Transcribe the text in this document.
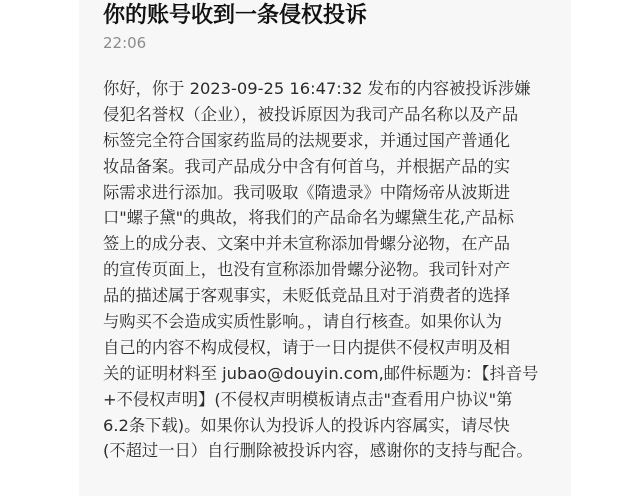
你的账号收到一条侵权投诉
22:06
你好，你于 2023-09-25 16:47:32 发布的内容被投诉涉嫌
侵犯名誉权（企业），被投诉原因为我司产品名称以及产品
标签完全符合国家药监局的法规要求，并通过国产普通化
妆品备案。我司产品成分中含有何首乌，并根据产品的实
际需求进行添加。我司吸取《隋遗录》中隋炀帝从波斯进
口"螺子黛"的典故，将我们的产品命名为螺黛生花,产品标
签上的成分表、文案中并未宣称添加骨螺分泌物，在产品
的宣传页面上，也没有宣称添加骨螺分泌物。我司针对产
品的描述属于客观事实，未贬低竞品且对于消费者的选择
与购买不会造成实质性影响。，请自行核查。如果你认为
自己的内容不构成侵权，请于一日内提供不侵权声明及相
关的证明材料至 jubao@douyin.com,邮件标题为：【抖音号
+不侵权声明】(不侵权声明模板请点击"查看用户协议"第
6.2条下载)。如果你认为投诉人的投诉内容属实，请尽快
(不超过一日）自行删除被投诉内容，感谢你的支持与配合。
